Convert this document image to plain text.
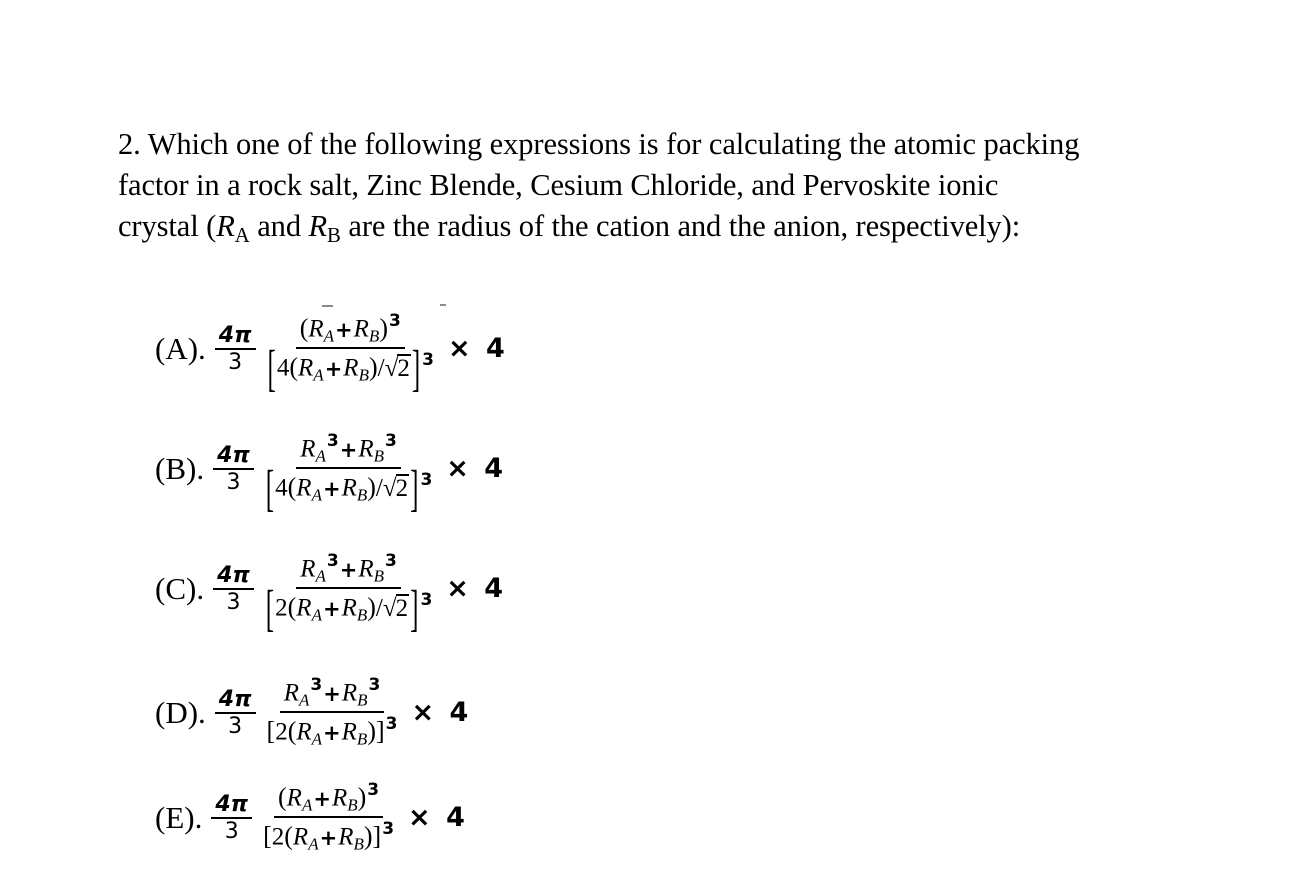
2. Which one of the following expressions is for calculating the atomic packing
factor in a rock salt, Zinc Blende, Cesium Chloride, and Pervoskite ionic
crystal ($R_A$ and $R_B$ are the radius of the cation and the anion, respectively):
(A). $\frac{4\pi}{3} \frac{(R_A+R_B)^3}{[4(R_A+R_B)/√2] ^3} \times 4$
(B). $\frac{4\pi}{3} \frac{R_A^3+R_B^3}{[4(R_A+R_B)/√2] ^3} \times 4$
(C). $\frac{4\pi}{3} \frac{R_A^3+R_B^3}{[2(R_A+R_B)/√2] ^3} \times 4$
(D). $\frac{4\pi}{3} \frac{R_A^3+R_B^3}{[2(R_A+R_B)]^3} \times 4$
(E). $\frac{4\pi}{3} \frac{(R_A+R_B)^3}{[2(R_A+R_B)]^3} \times 4$
